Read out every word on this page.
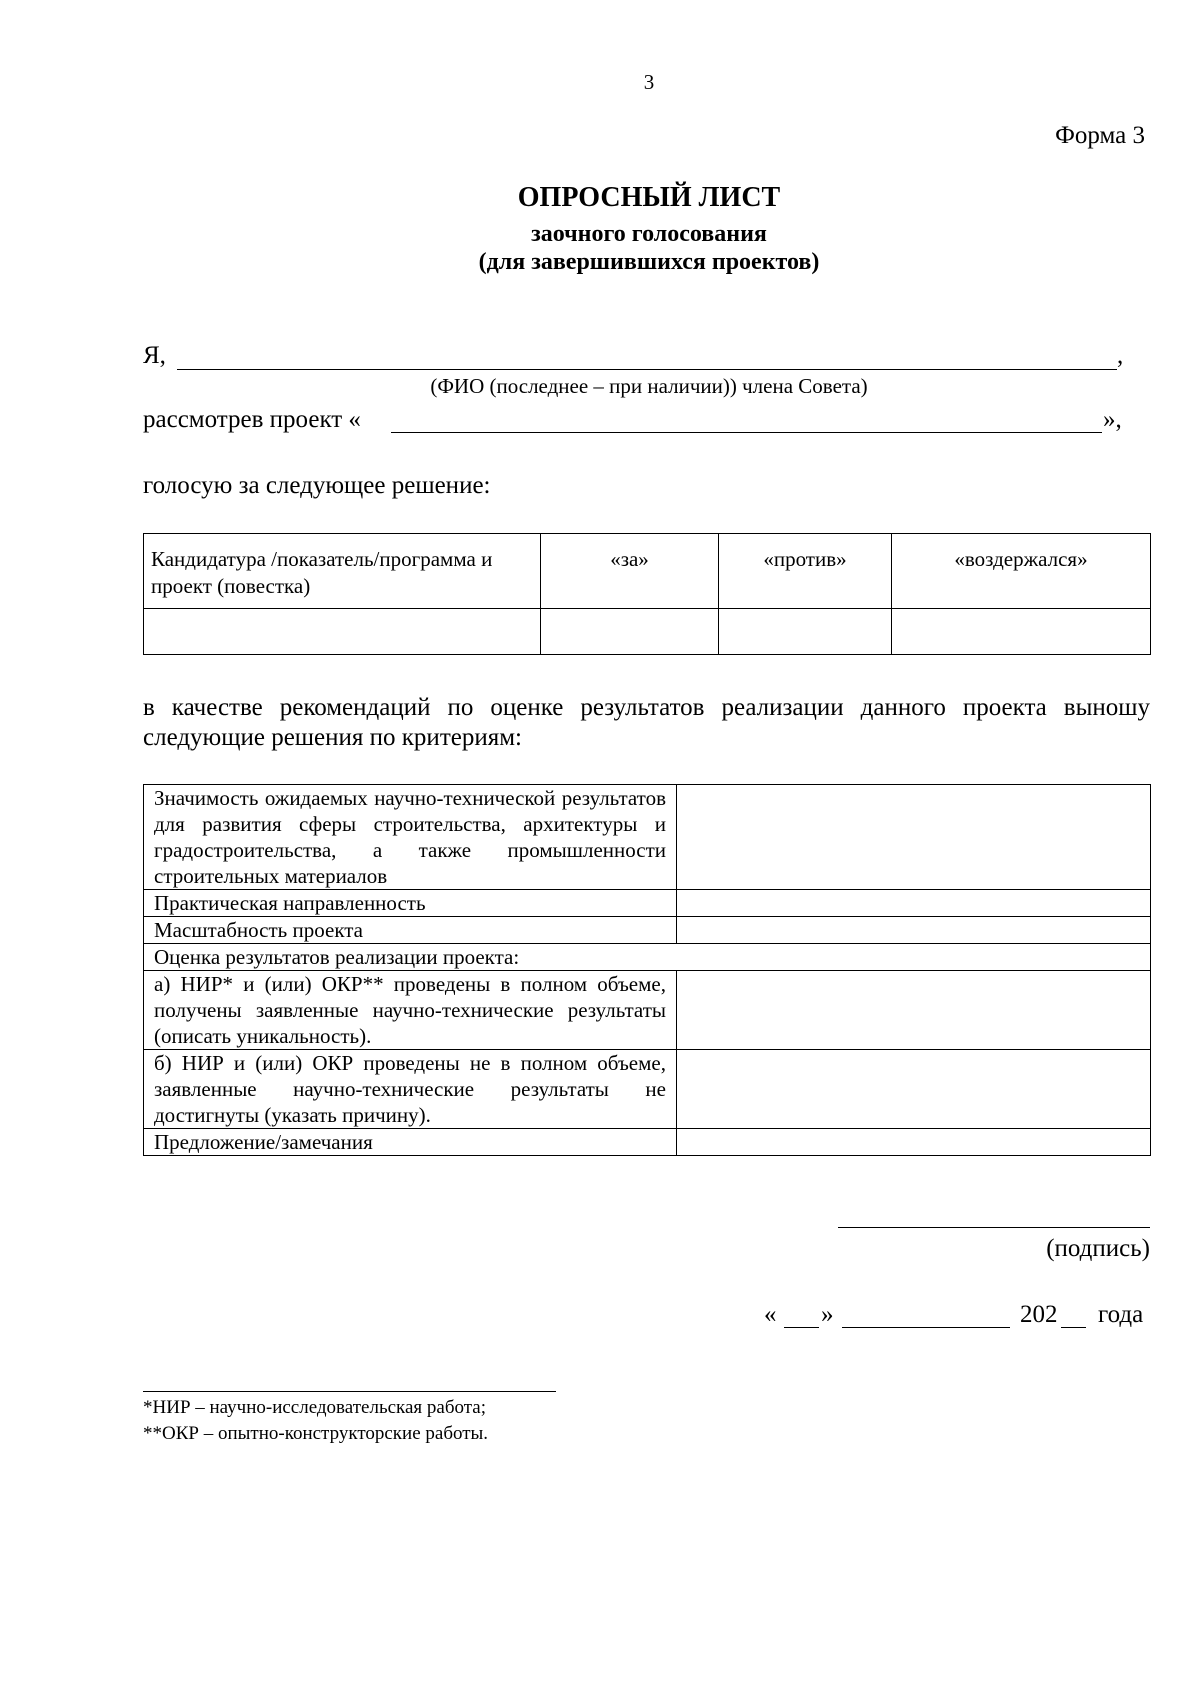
3
Форма 3
ОПРОСНЫЙ ЛИСТ
заочного голосования
(для завершившихся проектов)
Я,	,
(ФИО (последнее – при наличии)) члена Совета)
рассмотрев проект «	»,
голосую за следующее решение:
Кандидатура /показатель/программа и проект (повестка)	«за»	«против»	«воздержался»

в качестве рекомендаций по оценке результатов реализации данного проекта выношу следующие решения по критериям:
Значимость ожидаемых научно-технической результатов для развития сферы строительства, архитектуры и градостроительства, а также промышленности строительных материалов	
Практическая направленность	
Масштабность проекта	
Оценка результатов реализации проекта:	
а) НИР* и (или) ОКР** проведены в полном объеме, получены заявленные научно-технические результаты (описать уникальность).	
б) НИР и (или) ОКР проведены не в полном объеме, заявленные научно-технические результаты не достигнуты (указать причину).	
Предложение/замечания	
(подпись)
« »	202 года
*НИР – научно-исследовательская работа;
**ОКР – опытно-конструкторские работы.
